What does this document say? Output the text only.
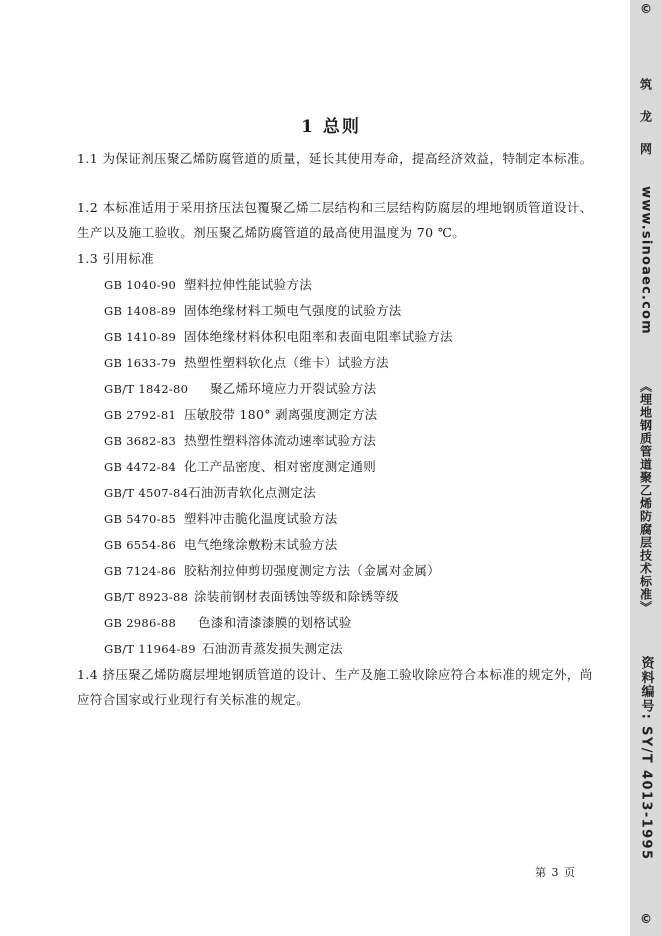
1 总则
1.1 为保证剂压聚乙烯防腐管道的质量，延长其使用寿命，提高经济效益，特制定本标准。
1.2 本标准适用于采用挤压法包覆聚乙烯二层结构和三层结构防腐层的埋地钢质管道设计、生产以及施工验收。剂压聚乙烯防腐管道的最高使用温度为 70 ℃。
1.3 引用标准
GB 1040-90 塑料拉伸性能试验方法
GB 1408-89 固体绝缘材料工频电气强度的试验方法
GB 1410-89 固体绝缘材料体积电阻率和表面电阻率试验方法
GB 1633-79 热塑性塑料软化点（维卡）试验方法
GB/T 1842-80 聚乙烯环境应力开裂试验方法
GB 2792-81 压敏胶带 180° 剥离强度测定方法
GB 3682-83 热塑性塑料溶体流动速率试验方法
GB 4472-84 化工产品密度、相对密度测定通则
GB/T 4507-84石油沥青软化点测定法
GB 5470-85 塑料冲击脆化温度试验方法
GB 6554-86 电气绝缘涂敷粉末试验方法
GB 7124-86 胶粘剂拉伸剪切强度测定方法（金属对金属）
GB/T 8923-88 涂装前钢材表面锈蚀等级和除锈等级
GB 2986-88 色漆和清漆漆膜的划格试验
GB/T 11964-89 石油沥青蒸发损失测定法
1.4 挤压聚乙烯防腐层埋地钢质管道的设计、生产及施工验收除应符合本标准的规定外，尚应符合国家或行业现行有关标准的规定。
第 3 页
©
筑 龙 网
www.sinoaec.com
《埋地钢质管道聚乙烯防腐层技术标准》
资料编号: SY/T 4013-1995
©
